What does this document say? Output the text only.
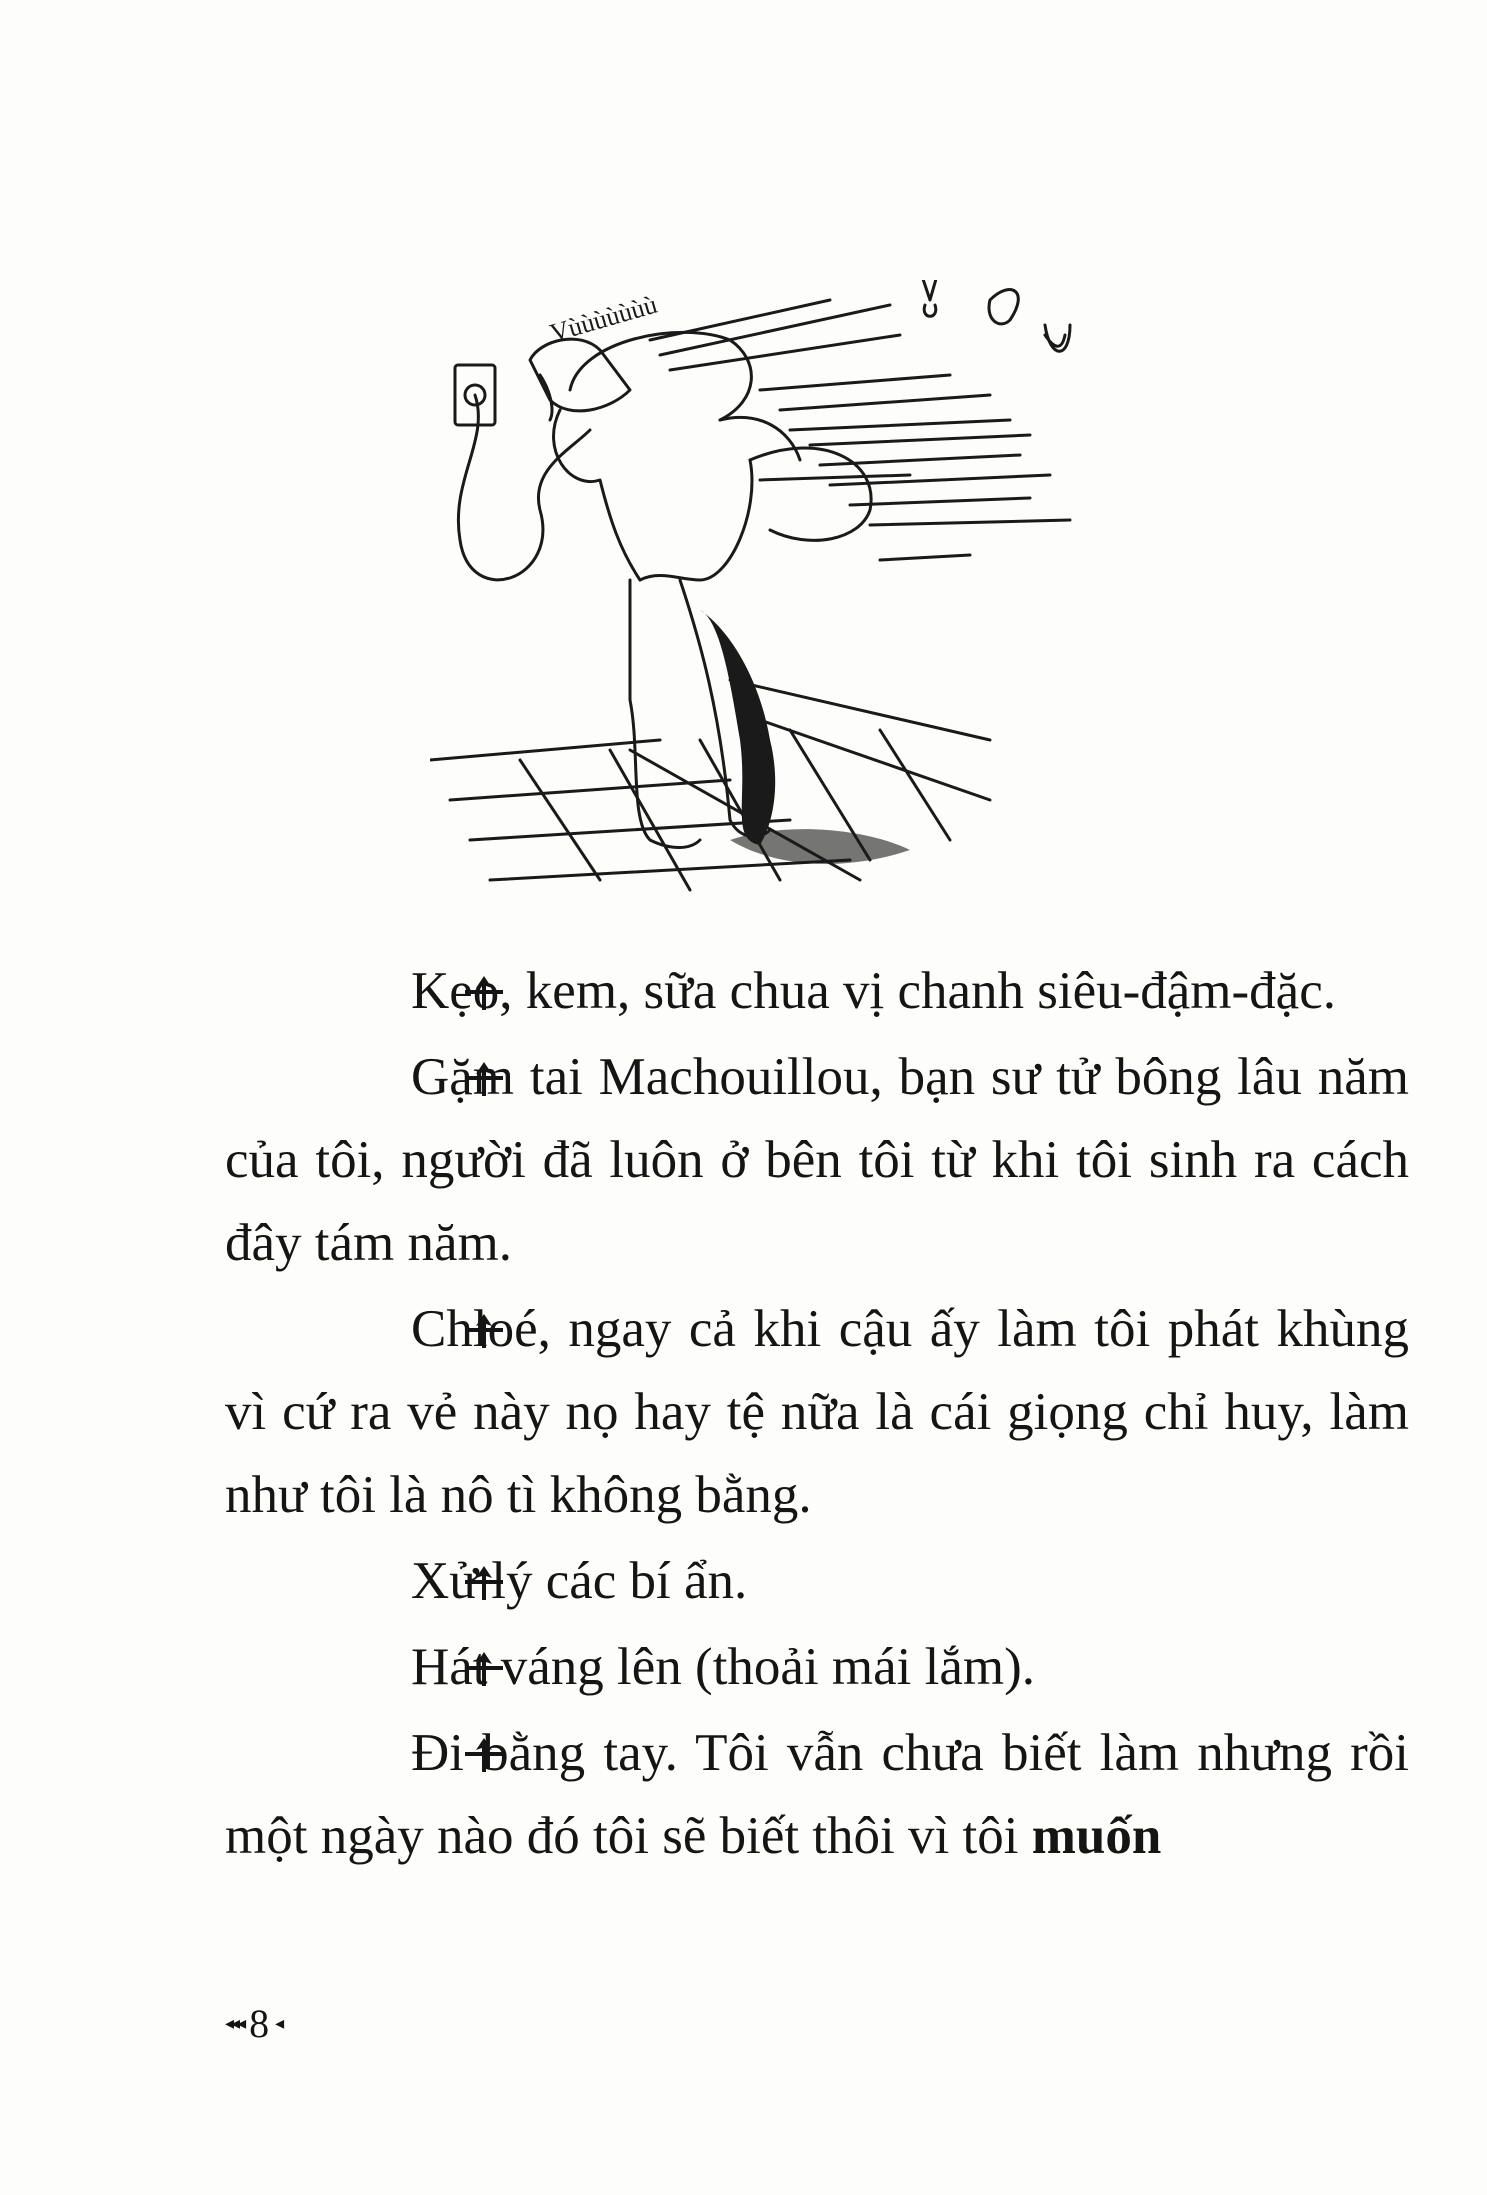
Vùùùùùùù

Kẹo, kem, sữa chua vị chanh siêu-đậm-đặc.

Gặm tai Machouillou, bạn sư tử bông lâu năm của tôi, người đã luôn ở bên tôi từ khi tôi sinh ra cách đây tám năm.

Chloé, ngay cả khi cậu ấy làm tôi phát khùng vì cứ ra vẻ này nọ hay tệ nữa là cái giọng chỉ huy, làm như tôi là nô tì không bằng.

Xử lý các bí ẩn.

Hát váng lên (thoải mái lắm).

Đi bằng tay. Tôi vẫn chưa biết làm nhưng rồi một ngày nào đó tôi sẽ biết thôi vì tôi muốn

◂◂◂ 8 ◂
